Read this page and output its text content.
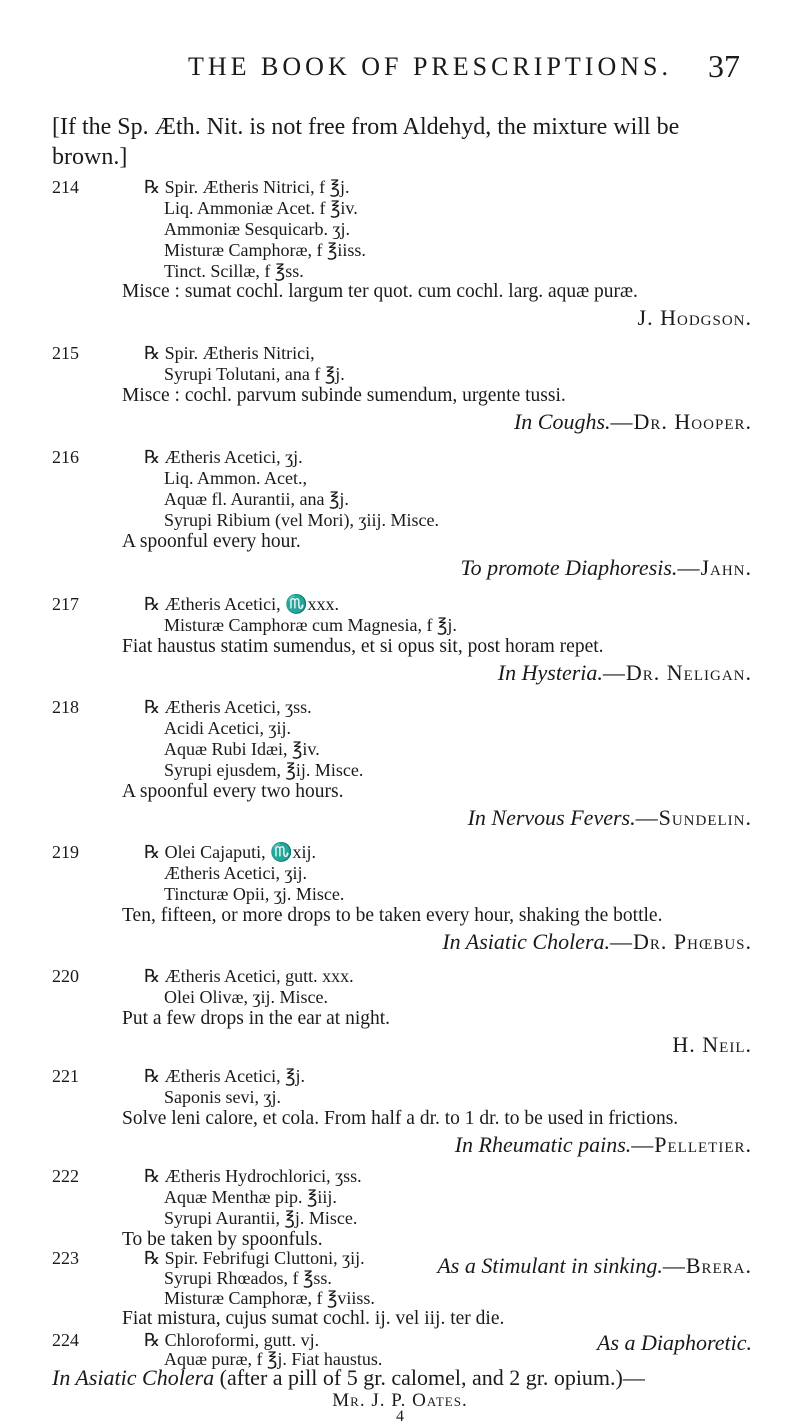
THE BOOK OF PRESCRIPTIONS. 37
[If the Sp. Æth. Nit. is not free from Aldehyd, the mixture will be
brown.]
214	℞ Spir. Ætheris Nitrici, f ℥j.
Liq. Ammoniæ Acet. f ℥iv.
Ammoniæ Sesquicarb. ʒj.
Misturæ Camphoræ, f ℥iiss.
Tinct. Scillæ, f ℥ss.
Misce : sumat cochl. largum ter quot. cum cochl. larg. aquæ puræ.
J. Hodgson.
215	℞ Spir. Ætheris Nitrici,
Syrupi Tolutani, ana f ℥j.
Misce : cochl. parvum subinde sumendum, urgente tussi.
In Coughs.—Dr. Hooper.
216	℞ Ætheris Acetici, ʒj.
Liq. Ammon. Acet.,
Aquæ fl. Aurantii, ana ℥j.
Syrupi Ribium (vel Mori), ʒiij. Misce.
A spoonful every hour.
To promote Diaphoresis.—Jahn.
217	℞ Ætheris Acetici, ♏xxx.
Misturæ Camphoræ cum Magnesia, f ℥j.
Fiat haustus statim sumendus, et si opus sit, post horam repet.
In Hysteria.—Dr. Neligan.
218	℞ Ætheris Acetici, ʒss.
Acidi Acetici, ʒij.
Aquæ Rubi Idæi, ℥iv.
Syrupi ejusdem, ℥ij. Misce.
A spoonful every two hours.
In Nervous Fevers.—Sundelin.
219	℞ Olei Cajaputi, ♏xij.
Ætheris Acetici, ʒij.
Tincturæ Opii, ʒj. Misce.
Ten, fifteen, or more drops to be taken every hour, shaking the bottle.
In Asiatic Cholera.—Dr. Phœbus.
220	℞ Ætheris Acetici, gutt. xxx.
Olei Olivæ, ʒij. Misce.
Put a few drops in the ear at night.
H. Neil.
221	℞ Ætheris Acetici, ℥j.
Saponis sevi, ʒj.
Solve leni calore, et cola. From half a dr. to 1 dr. to be used in frictions.
In Rheumatic pains.—Pelletier.
222	℞ Ætheris Hydrochlorici, ʒss.
Aquæ Menthæ pip. ℥iij.
Syrupi Aurantii, ℥j. Misce.
To be taken by spoonfuls.
As a Stimulant in sinking.—Brera.
223	℞ Spir. Febrifugi Cluttoni, ʒij.
Syrupi Rhœados, f ℥ss.
Misturæ Camphoræ, f ℥viiss.
Fiat mistura, cujus sumat cochl. ij. vel iij. ter die.
As a Diaphoretic.
224	℞ Chloroformi, gutt. vj.
Aquæ puræ, f ℥j. Fiat haustus.
In Asiatic Cholera (after a pill of 5 gr. calomel, and 2 gr. opium.)—
Mr. J. P. Oates.
4
